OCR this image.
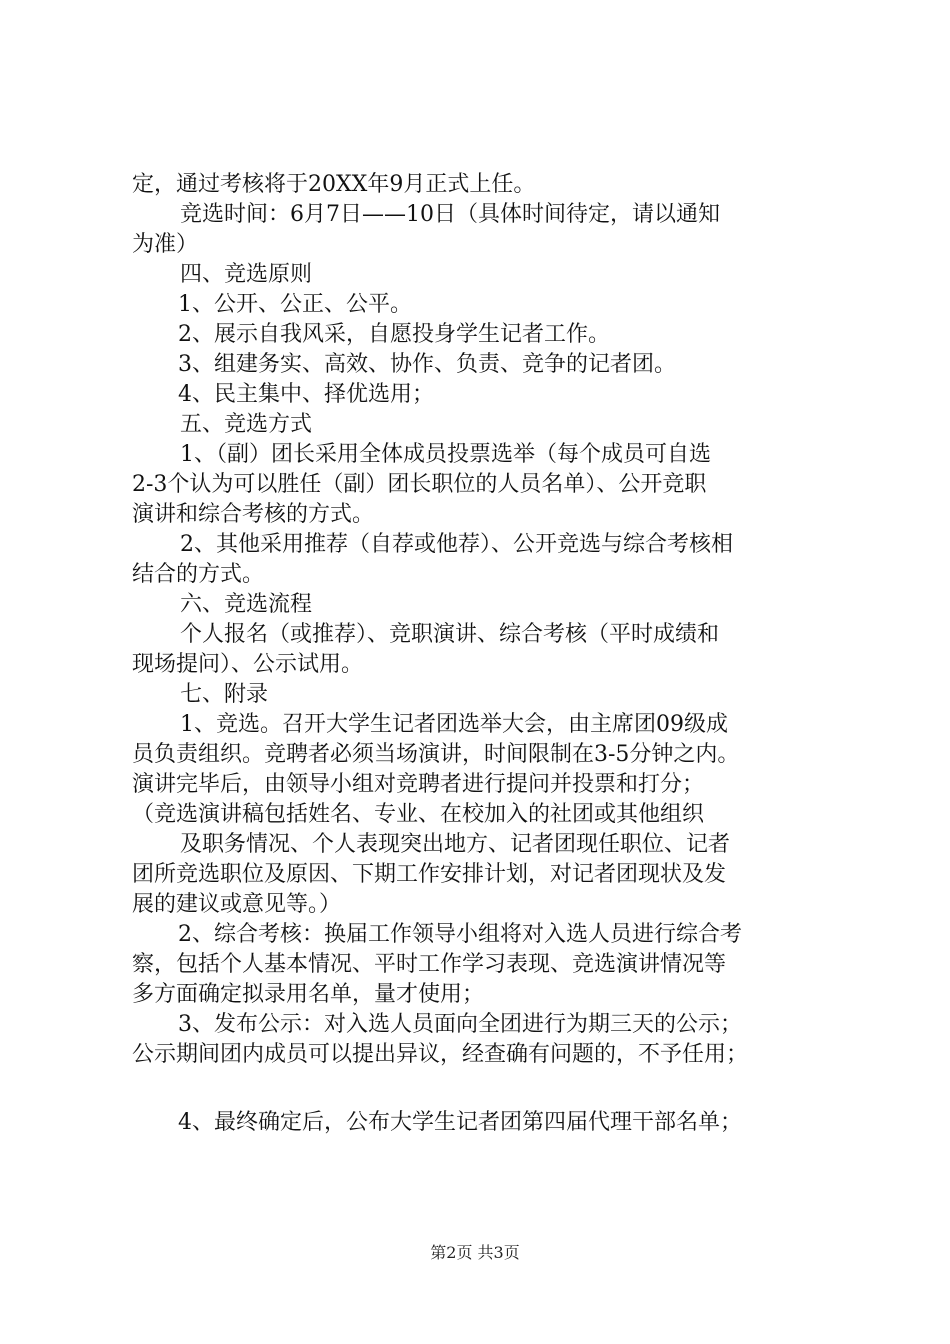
定，通过考核将于20XX年9月正式上任。
竞选时间：6月7日——10日（具体时间待定，请以通知
为准）
四、竞选原则
1、公开、公正、公平。
2、展示自我风采，自愿投身学生记者工作。
3、组建务实、高效、协作、负责、竞争的记者团。
4、民主集中、择优选用；
五、竞选方式
1、（副）团长采用全体成员投票选举（每个成员可自选
2-3个认为可以胜任（副）团长职位的人员名单）、公开竞职
演讲和综合考核的方式。
2、其他采用推荐（自荐或他荐）、公开竞选与综合考核相
结合的方式。
六、竞选流程
个人报名（或推荐）、竞职演讲、综合考核（平时成绩和
现场提问）、公示试用。
七、附录
1、竞选。召开大学生记者团选举大会，由主席团09级成
员负责组织。竞聘者必须当场演讲，时间限制在3-5分钟之内。
演讲完毕后，由领导小组对竞聘者进行提问并投票和打分；
（竞选演讲稿包括姓名、专业、在校加入的社团或其他组织
及职务情况、个人表现突出地方、记者团现任职位、记者
团所竞选职位及原因、下期工作安排计划，对记者团现状及发
展的建议或意见等。）
2、综合考核：换届工作领导小组将对入选人员进行综合考
察，包括个人基本情况、平时工作学习表现、竞选演讲情况等
多方面确定拟录用名单，量才使用；
3、发布公示：对入选人员面向全团进行为期三天的公示；
公示期间团内成员可以提出异议，经查确有问题的，不予任用；
4、最终确定后，公布大学生记者团第四届代理干部名单；
第2页 共3页
